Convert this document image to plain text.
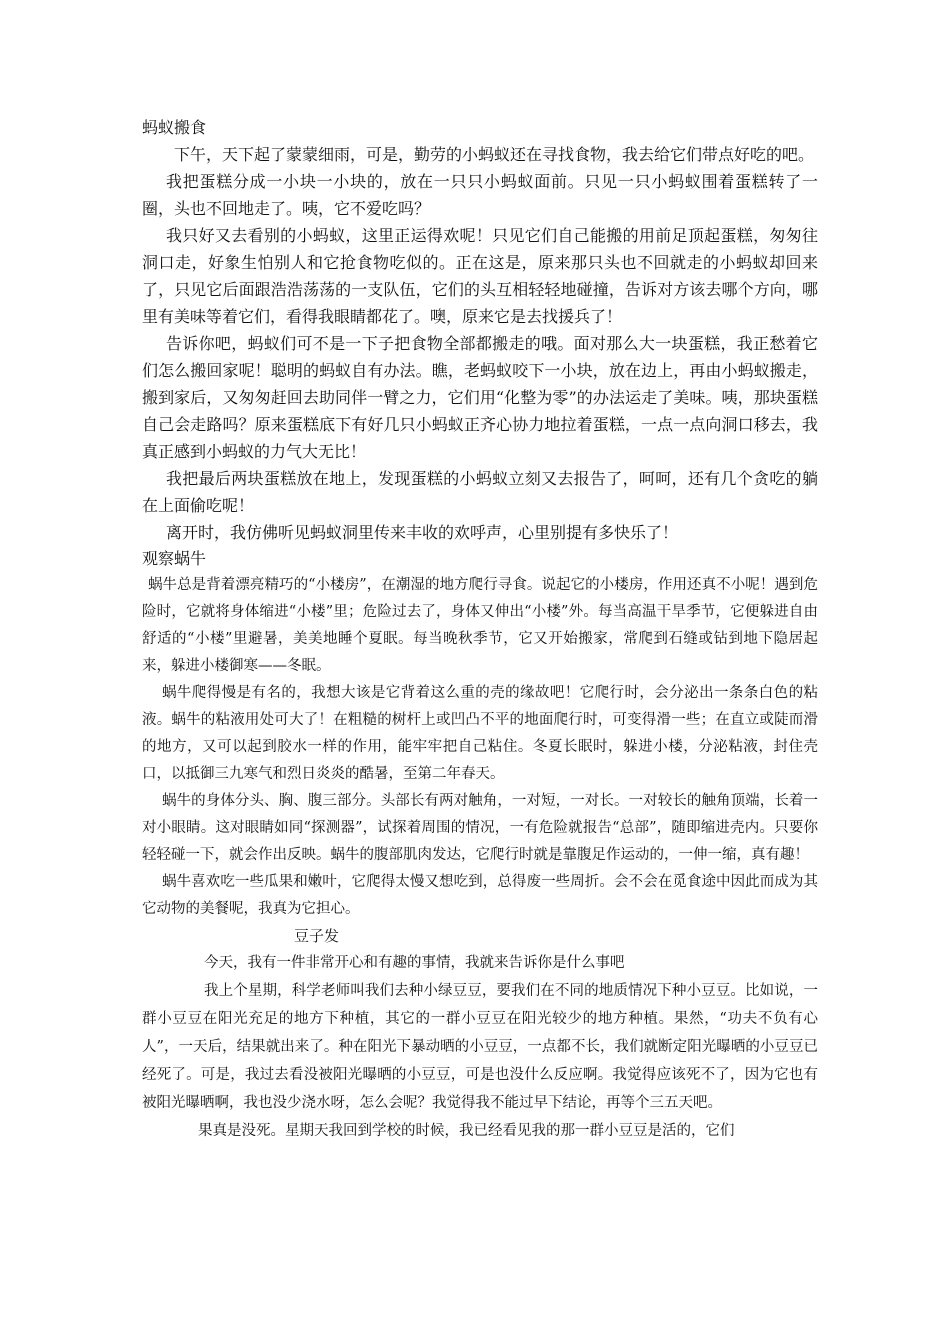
蚂蚁搬食

下午，天下起了蒙蒙细雨，可是，勤劳的小蚂蚁还在寻找食物，我去给它们带点好吃的吧。

我把蛋糕分成一小块一小块的，放在一只只小蚂蚁面前。只见一只小蚂蚁围着蛋糕转了一圈，头也不回地走了。咦，它不爱吃吗？

我只好又去看别的小蚂蚁，这里正运得欢呢！只见它们自己能搬的用前足顶起蛋糕，匆匆往洞口走，好象生怕别人和它抢食物吃似的。正在这是，原来那只头也不回就走的小蚂蚁却回来了，只见它后面跟浩浩荡荡的一支队伍，它们的头互相轻轻地碰撞，告诉对方该去哪个方向，哪里有美味等着它们，看得我眼睛都花了。噢，原来它是去找援兵了！

告诉你吧，蚂蚁们可不是一下子把食物全部都搬走的哦。面对那么大一块蛋糕，我正愁着它们怎么搬回家呢！聪明的蚂蚁自有办法。瞧，老蚂蚁咬下一小块，放在边上，再由小蚂蚁搬走，搬到家后，又匆匆赶回去助同伴一臂之力，它们用“化整为零”的办法运走了美味。咦，那块蛋糕自己会走路吗？原来蛋糕底下有好几只小蚂蚁正齐心协力地拉着蛋糕，一点一点向洞口移去，我真正感到小蚂蚁的力气大无比！

我把最后两块蛋糕放在地上，发现蛋糕的小蚂蚁立刻又去报告了，呵呵，还有几个贪吃的躺在上面偷吃呢！

离开时，我仿佛听见蚂蚁洞里传来丰收的欢呼声，心里别提有多快乐了！

观察蜗牛

蜗牛总是背着漂亮精巧的“小楼房”，在潮湿的地方爬行寻食。说起它的小楼房，作用还真不小呢！遇到危险时，它就将身体缩进“小楼”里；危险过去了，身体又伸出“小楼”外。每当高温干旱季节，它便躲进自由舒适的“小楼”里避暑，美美地睡个夏眠。每当晚秋季节，它又开始搬家，常爬到石缝或钻到地下隐居起来，躲进小楼御寒——冬眠。

蜗牛爬得慢是有名的，我想大该是它背着这么重的壳的缘故吧！它爬行时，会分泌出一条条白色的粘液。蜗牛的粘液用处可大了！在粗糙的树杆上或凹凸不平的地面爬行时，可变得滑一些；在直立或陡而滑的地方，又可以起到胶水一样的作用，能牢牢把自己粘住。冬夏长眠时，躲进小楼，分泌粘液，封住壳口，以抵御三九寒气和烈日炎炎的酷暑，至第二年春天。

蜗牛的身体分头、胸、腹三部分。头部长有两对触角，一对短，一对长。一对较长的触角顶端，长着一对小眼睛。这对眼睛如同“探测器”，试探着周围的情况，一有危险就报告“总部”，随即缩进壳内。只要你轻轻碰一下，就会作出反映。蜗牛的腹部肌肉发达，它爬行时就是靠腹足作运动的，一伸一缩，真有趣！

蜗牛喜欢吃一些瓜果和嫩叶，它爬得太慢又想吃到，总得废一些周折。会不会在觅食途中因此而成为其它动物的美餐呢，我真为它担心。

豆子发

今天，我有一件非常开心和有趣的事情，我就来告诉你是什么事吧

我上个星期，科学老师叫我们去种小绿豆豆，要我们在不同的地质情况下种小豆豆。比如说，一群小豆豆在阳光充足的地方下种植，其它的一群小豆豆在阳光较少的地方种植。果然，“功夫不负有心人”，一天后，结果就出来了。种在阳光下暴动晒的小豆豆，一点都不长，我们就断定阳光曝晒的小豆豆已经死了。可是，我过去看没被阳光曝晒的小豆豆，可是也没什么反应啊。我觉得应该死不了，因为它也有被阳光曝晒啊，我也没少浇水呀，怎么会呢？我觉得我不能过早下结论，再等个三五天吧。

果真是没死。星期天我回到学校的时候，我已经看见我的那一群小豆豆是活的，它们
